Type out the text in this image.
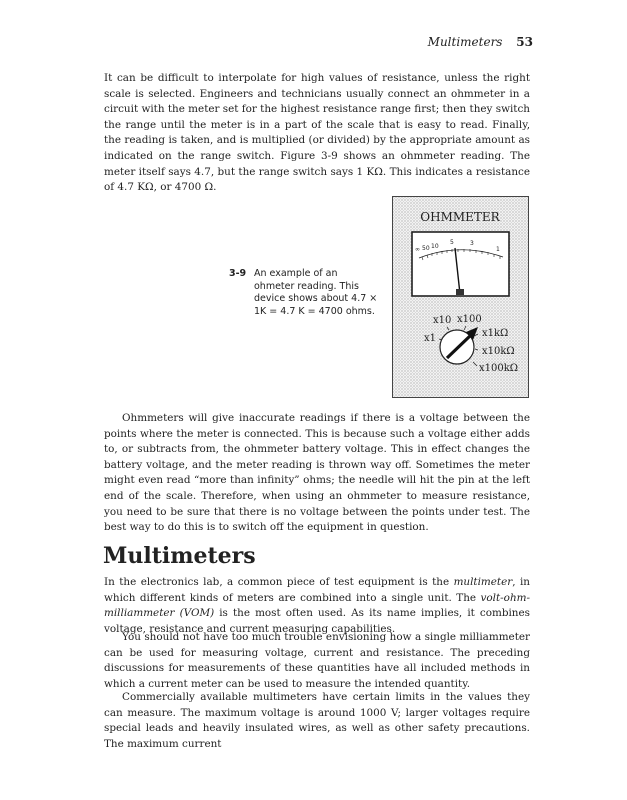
Multimeters 53

It can be difficult to interpolate for high values of resistance, unless the right scale is selected. Engineers and technicians usually connect an ohmmeter in a circuit with the meter set for the highest resistance range first; then they switch the range until the meter is in a part of the scale that is easy to read. Finally, the reading is taken, and is multiplied (or divided) by the appropriate amount as indicated on the range switch. Figure 3-9 shows an ohmmeter reading. The meter itself says 4.7, but the range switch says 1 KΩ. This indicates a resistance of 4.7 KΩ, or 4700 Ω.

3-9 An example of an ohmeter reading. This device shows about 4.7 × 1K = 4.7 K = 4700 ohms.
OHMMETER
∞ 50 10
5	3
1
x1
x10 x100
x1kΩ
x10kΩ
x100kΩ

Ohmmeters will give inaccurate readings if there is a voltage between the points where the meter is connected. This is because such a voltage either adds to, or subtracts from, the ohmmeter battery voltage. This in effect changes the battery voltage, and the meter reading is thrown way off. Sometimes the meter might even read “more than infinity” ohms; the needle will hit the pin at the left end of the scale. Therefore, when using an ohmmeter to measure resistance, you need to be sure that there is no voltage between the points under test. The best way to do this is to switch off the equipment in question.

Multimeters

In the electronics lab, a common piece of test equipment is the multimeter, in which different kinds of meters are combined into a single unit. The volt-ohm-milliammeter (VOM) is the most often used. As its name implies, it combines voltage, resistance and current measuring capabilities.

You should not have too much trouble envisioning how a single milliammeter can be used for measuring voltage, current and resistance. The preceding discussions for measurements of these quantities have all included methods in which a current meter can be used to measure the intended quantity.

Commercially available multimeters have certain limits in the values they can measure. The maximum voltage is around 1000 V; larger voltages require special leads and heavily insulated wires, as well as other safety precautions. The maximum current
